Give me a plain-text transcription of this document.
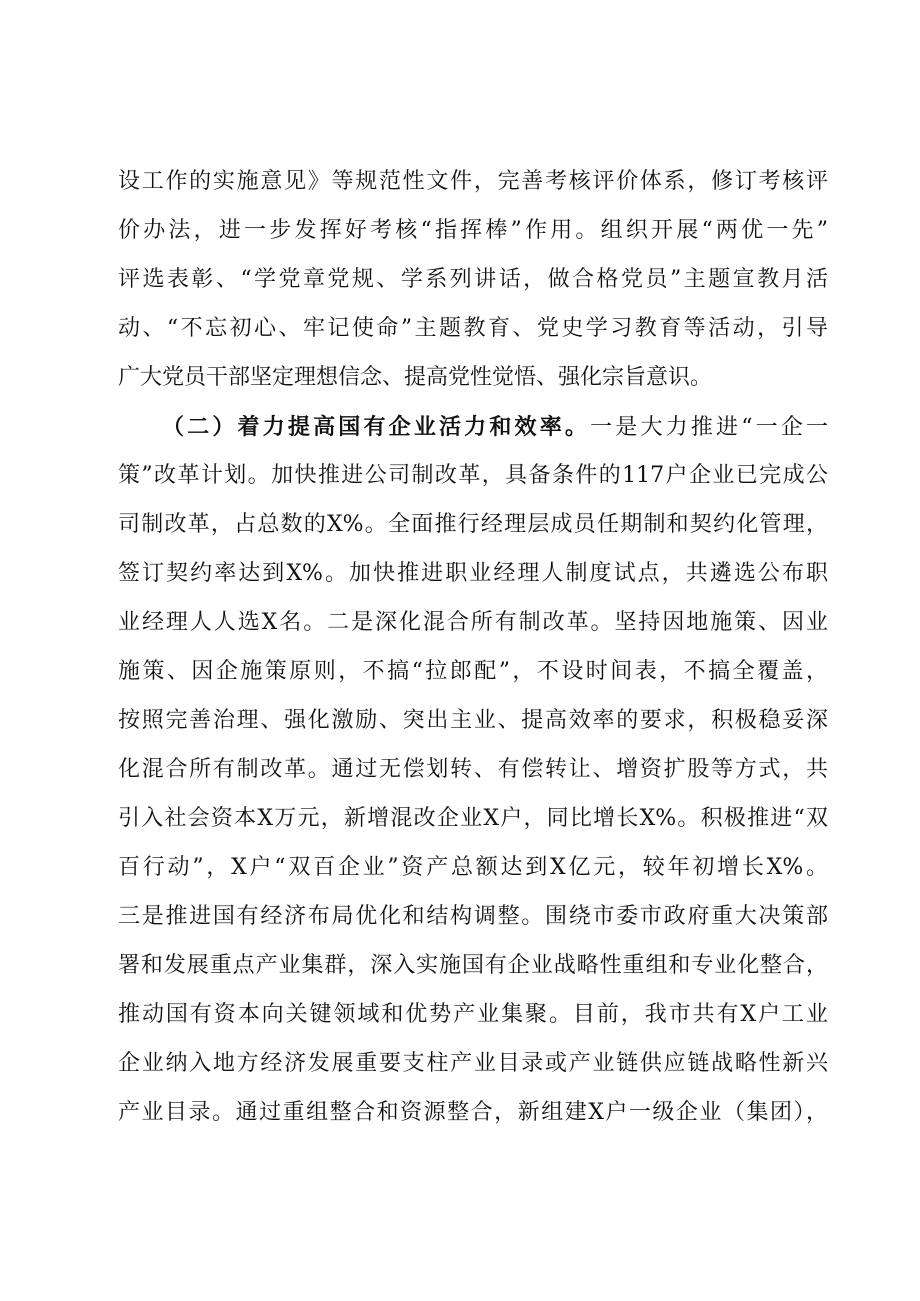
设工作的实施意见》等规范性文件，完善考核评价体系，修订考核评
价办法，进一步发挥好考核“指挥棒”作用。组织开展“两优一先”
评选表彰、“学党章党规、学系列讲话，做合格党员”主题宣教月活
动、“不忘初心、牢记使命”主题教育、党史学习教育等活动，引导
广大党员干部坚定理想信念、提高党性觉悟、强化宗旨意识。
（二）着力提高国有企业活力和效率。一是大力推进“一企一
策”改革计划。加快推进公司制改革，具备条件的117户企业已完成公
司制改革，占总数的X%。全面推行经理层成员任期制和契约化管理，
签订契约率达到X%。加快推进职业经理人制度试点，共遴选公布职
业经理人人选X名。二是深化混合所有制改革。坚持因地施策、因业
施策、因企施策原则，不搞“拉郎配”，不设时间表，不搞全覆盖，
按照完善治理、强化激励、突出主业、提高效率的要求，积极稳妥深
化混合所有制改革。通过无偿划转、有偿转让、增资扩股等方式，共
引入社会资本X万元，新增混改企业X户，同比增长X%。积极推进“双
百行动”，X户“双百企业”资产总额达到X亿元，较年初增长X%。
三是推进国有经济布局优化和结构调整。围绕市委市政府重大决策部
署和发展重点产业集群，深入实施国有企业战略性重组和专业化整合，
推动国有资本向关键领域和优势产业集聚。目前，我市共有X户工业
企业纳入地方经济发展重要支柱产业目录或产业链供应链战略性新兴
产业目录。通过重组整合和资源整合，新组建X户一级企业（集团），
